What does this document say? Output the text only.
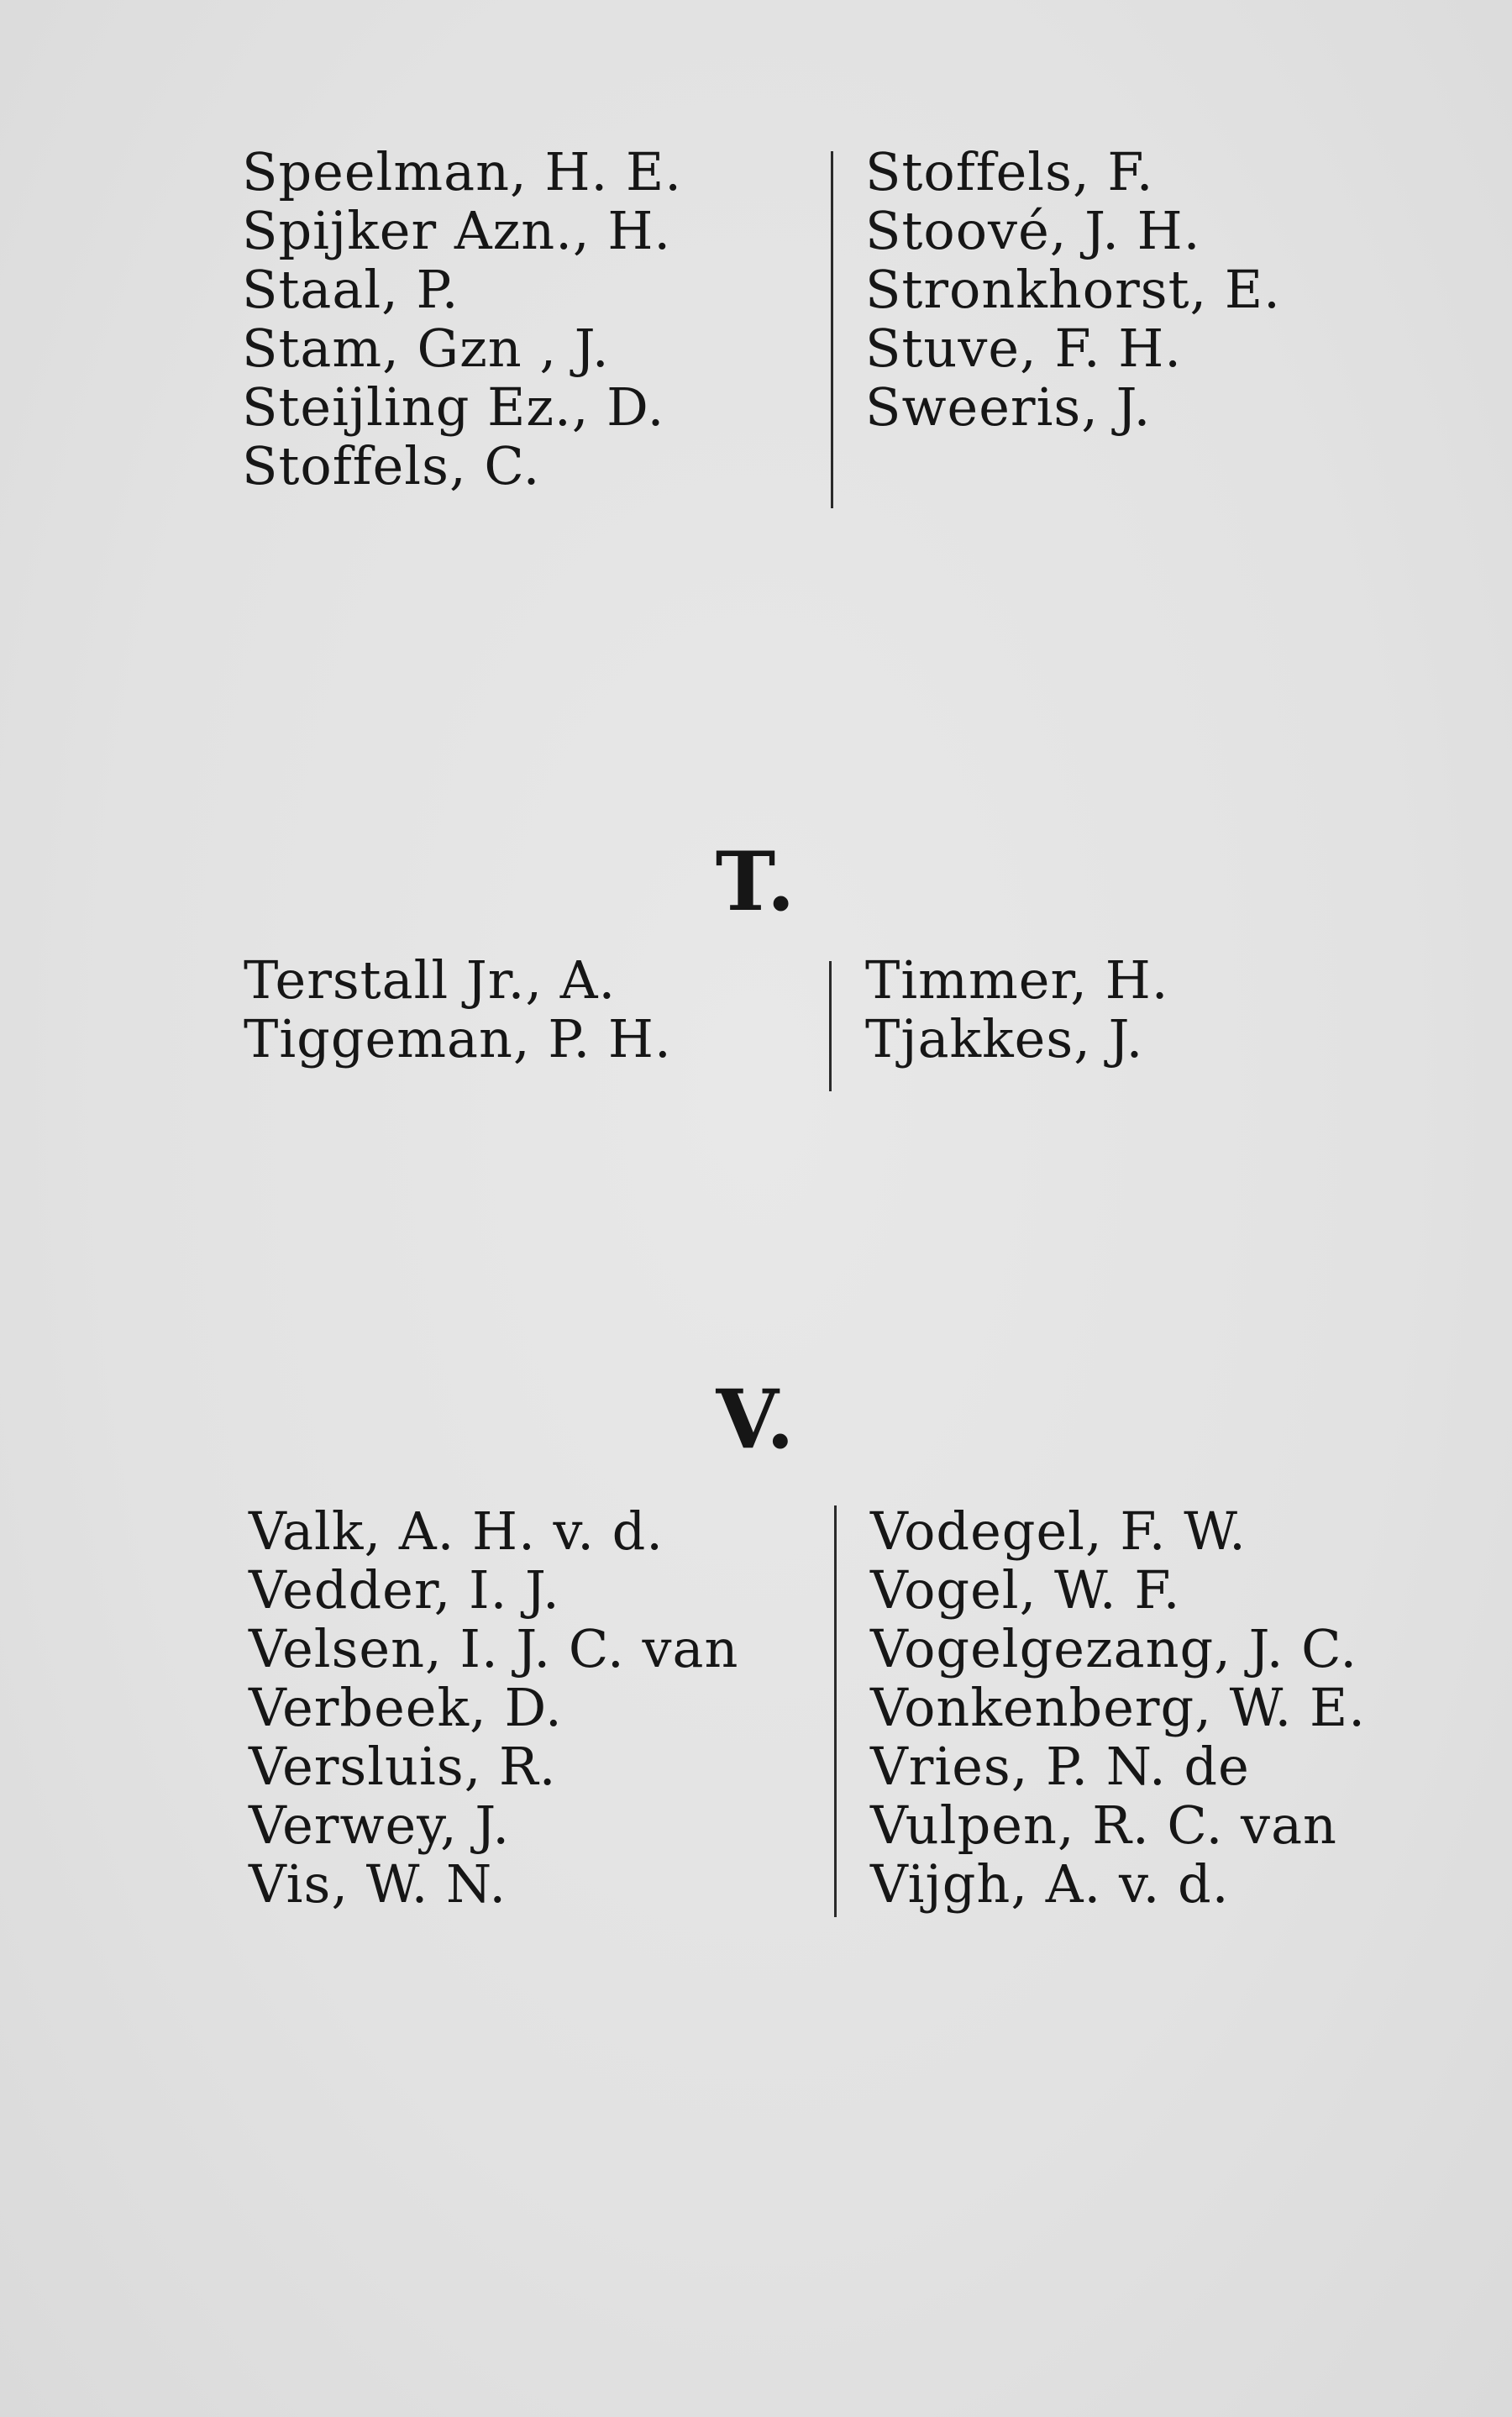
Speelman, H. E.
Spijker Azn., H.
Staal, P.
Stam, Gzn , J.
Steijling Ez., D.
Stoffels, C.
Stoffels, F.
Stoové, J. H.
Stronkhorst, E.
Stuve, F. H.
Sweeris, J.
T.
Terstall Jr., A.
Tiggeman, P. H.
Timmer, H.
Tjakkes, J.
V.
Valk, A. H. v. d.
Vedder, I. J.
Velsen, I. J. C. van
Verbeek, D.
Versluis, R.
Verwey, J.
Vis, W. N.
Vodegel, F. W.
Vogel, W. F.
Vogelgezang, J. C.
Vonkenberg, W. E.
Vries, P. N. de
Vulpen, R. C. van
Vijgh, A. v. d.
